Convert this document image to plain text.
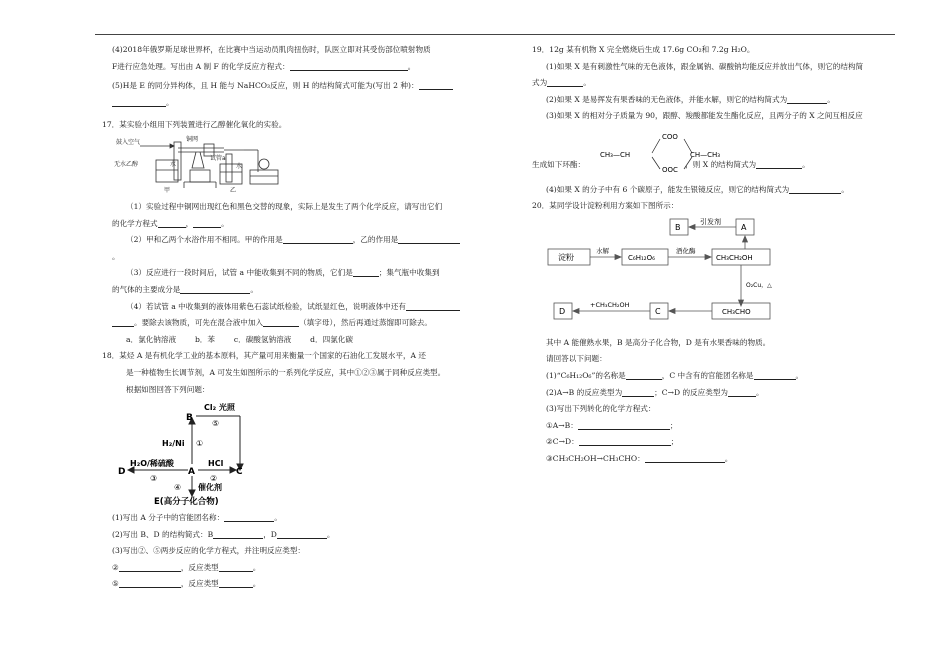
(4)2018年俄罗斯足球世界杯，在比赛中当运动员肌肉扭伤时，队医立即对其受伤部位喷射物质
F进行应急处理。写出由 A 制 F 的化学反应方程式：	。
(5)H是 E 的同分异构体，且 H 能与 NaHCO₃反应，则 H 的结构简式可能为(写出 2 种)：
。
17．某实验小组用下列装置进行乙醇催化氧化的实验。
鼓入空气	铜网
无水乙醇	水
试管a
水
甲	乙
（1）实验过程中铜网出现红色和黑色交替的现象，实际上是发生了两个化学反应，请写出它们
的化学方程式	，	。
（2）甲和乙两个水浴作用不相同。甲的作用是	，乙的作用是
。
（3）反应进行一段时间后，试管 a 中能收集到不同的物质，它们是	；集气瓶中收集到
的气体的主要成分是	。
（4）若试管 a 中收集到的液体用紫色石蕊试纸检验，试纸显红色，说明液体中还有
。要除去该物质，可先在混合液中加入	（填字母），然后再通过蒸馏即可除去。
a．氯化钠溶液 b．苯 c．碳酸氢钠溶液 d．四氯化碳
18．某烃 A 是有机化学工业的基本原料，其产量可用来衡量一个国家的石油化工发展水平，A 还
是一种植物生长调节剂，A 可发生如图所示的一系列化学反应，其中①②③属于同种反应类型。
根据如图回答下列问题：
B
Cl₂ 光照
⑤
H₂/Ni ①
D
H₂O/稀硫酸
A
HCl
C
③	②
④ 催化剂
E(高分子化合物)
(1)写出 A 分子中的官能团名称：	。
(2)写出 B、D 的结构简式：B	，D	。
(3)写出②、⑤两步反应的化学方程式，并注明反应类型：
②	，反应类型	。
⑤	，反应类型	。
19．12g 某有机物 X 完全燃烧后生成 17.6g CO₂和 7.2g H₂O。
(1)如果 X 是有刺激性气味的无色液体，跟金属钠、碳酸钠均能反应并放出气体，则它的结构简
式为	。
(2)如果 X 是易挥发有果香味的无色液体，并能水解，则它的结构简式为	。
(3)如果 X 的相对分子质量为 90，跟醇、羧酸都能发生酯化反应，且两分子的 X 之间互相反应
COO
OOC
CH₃—CH	CH—CH₃
生成如下环酯：	，则 X 的结构简式为	。
(4)如果 X 的分子中有 6 个碳原子，能发生银镜反应，则它的结构简式为	。
20．某同学设计淀粉利用方案如下图所示：
B
引发剂
A
淀粉
水解
C₆H₁₂O₆
酒化酶
CH₃CH₂OH
O₂Cu，△
D
+CH₃CH₂OH
C	CH₃CHO
其中 A 能催熟水果，B 是高分子化合物，D 是有水果香味的物质。
请回答以下问题：
(1)“C₆H₁₂O₆”的名称是	，C 中含有的官能团名称是	。
(2)A→B 的反应类型为	；C→D 的反应类型为	。
(3)写出下列转化的化学方程式：
①A→B：	；
②C→D：	；
③CH₃CH₂OH→CH₃CHO：	。
